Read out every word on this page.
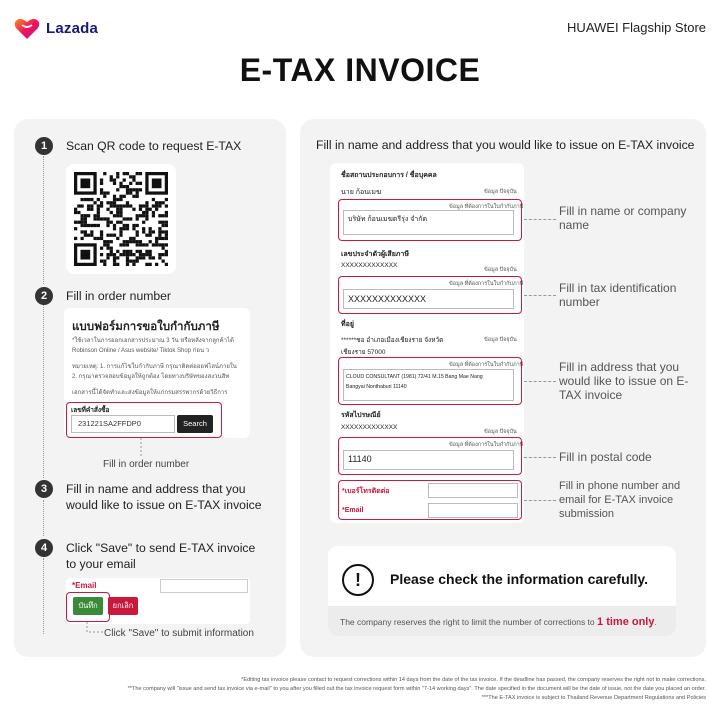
Lazada	HUAWEI Flagship Store
E-TAX INVOICE
1	Scan QR code to request E-TAX
2	Fill in order number
แบบฟอร์มการขอใบกำกับภาษี
*ใช้เวลาในการออกเอกสารประมาณ 3 วัน หรือหลังจากลูกค้าได้
Robinson Online / Asus website/ Tiktok Shop ก่อน ว
หมายเหตุ: 1. การแก้ไขใบกำกับภาษี กรุณาติดต่อออฟไลน์ภายใน
2. กรุณาตรวจสอบข้อมูลให้ถูกต้อง โดยทางบริษัทของสงวนสิท
เอกสารนี้ได้จัดทำและส่งข้อมูลให้แก่กรมสรรพากรด้วยวิธีการ
เลขที่คำสั่งซื้อ
231221SA2FFDP0	Search
Fill in order number
3	Fill in name and address that you would like to issue on E-TAX invoice
4	Click "Save" to send E-TAX invoice to your email
*Email
บันทึก	ยกเลิก
Click "Save" to submit information
Fill in name and address that you would like to issue on E-TAX invoice
ชื่อสถานประกอบการ / ชื่อบุคคล
นาย ก้อนเมฆ	ข้อมูล ปัจจุบัน
ข้อมูล ที่ต้องการในใบกำกับภาษี
บริษัท ก้อนเมฆตรีรุ่ง จำกัด
เลขประจำตัวผู้เสียภาษี
XXXXXXXXXXXXX
ข้อมูล ปัจจุบัน
ข้อมูล ที่ต้องการในใบกำกับภาษี
XXXXXXXXXXXXX
ที่อยู่
******ชอ อำเภอเมืองเชียงราย จังหวัด	ข้อมูล ปัจจุบัน
เชียงราย 57000
ข้อมูล ที่ต้องการในใบกำกับภาษี
CLOUD CONSULTANT (1981) 72/41 M.15 Bang Mae Nang
Bangyai Nonthaburi 11140
รหัสไปรษณีย์
XXXXXXXXXXXXX
ข้อมูล ปัจจุบัน
ข้อมูล ที่ต้องการในใบกำกับภาษี
11140
*เบอร์โทรติดต่อ
*Email
Fill in name or company name
Fill in tax identification number
Fill in address that you would like to issue on E-TAX invoice
Fill in postal code
Fill in phone number and email for E-TAX invoice submission
!	Please check the information carefully.
The company reserves the right to limit the number of corrections to 1 time only.
*Editing tax invoice please contact to request corrections within 14 days from the date of the tax invoice. If the deadline has passed, the company reserves the right not to make corrections.
**The company will "issue and send tax invoice via e-mail" to you after you filled out the tax invoice request form within "7-14 working days". The date specified in the document will be the date of issue, not the date you placed an order.
***The E-TAX invoice is subject to Thailand Revenue Department Regulations and Policies
